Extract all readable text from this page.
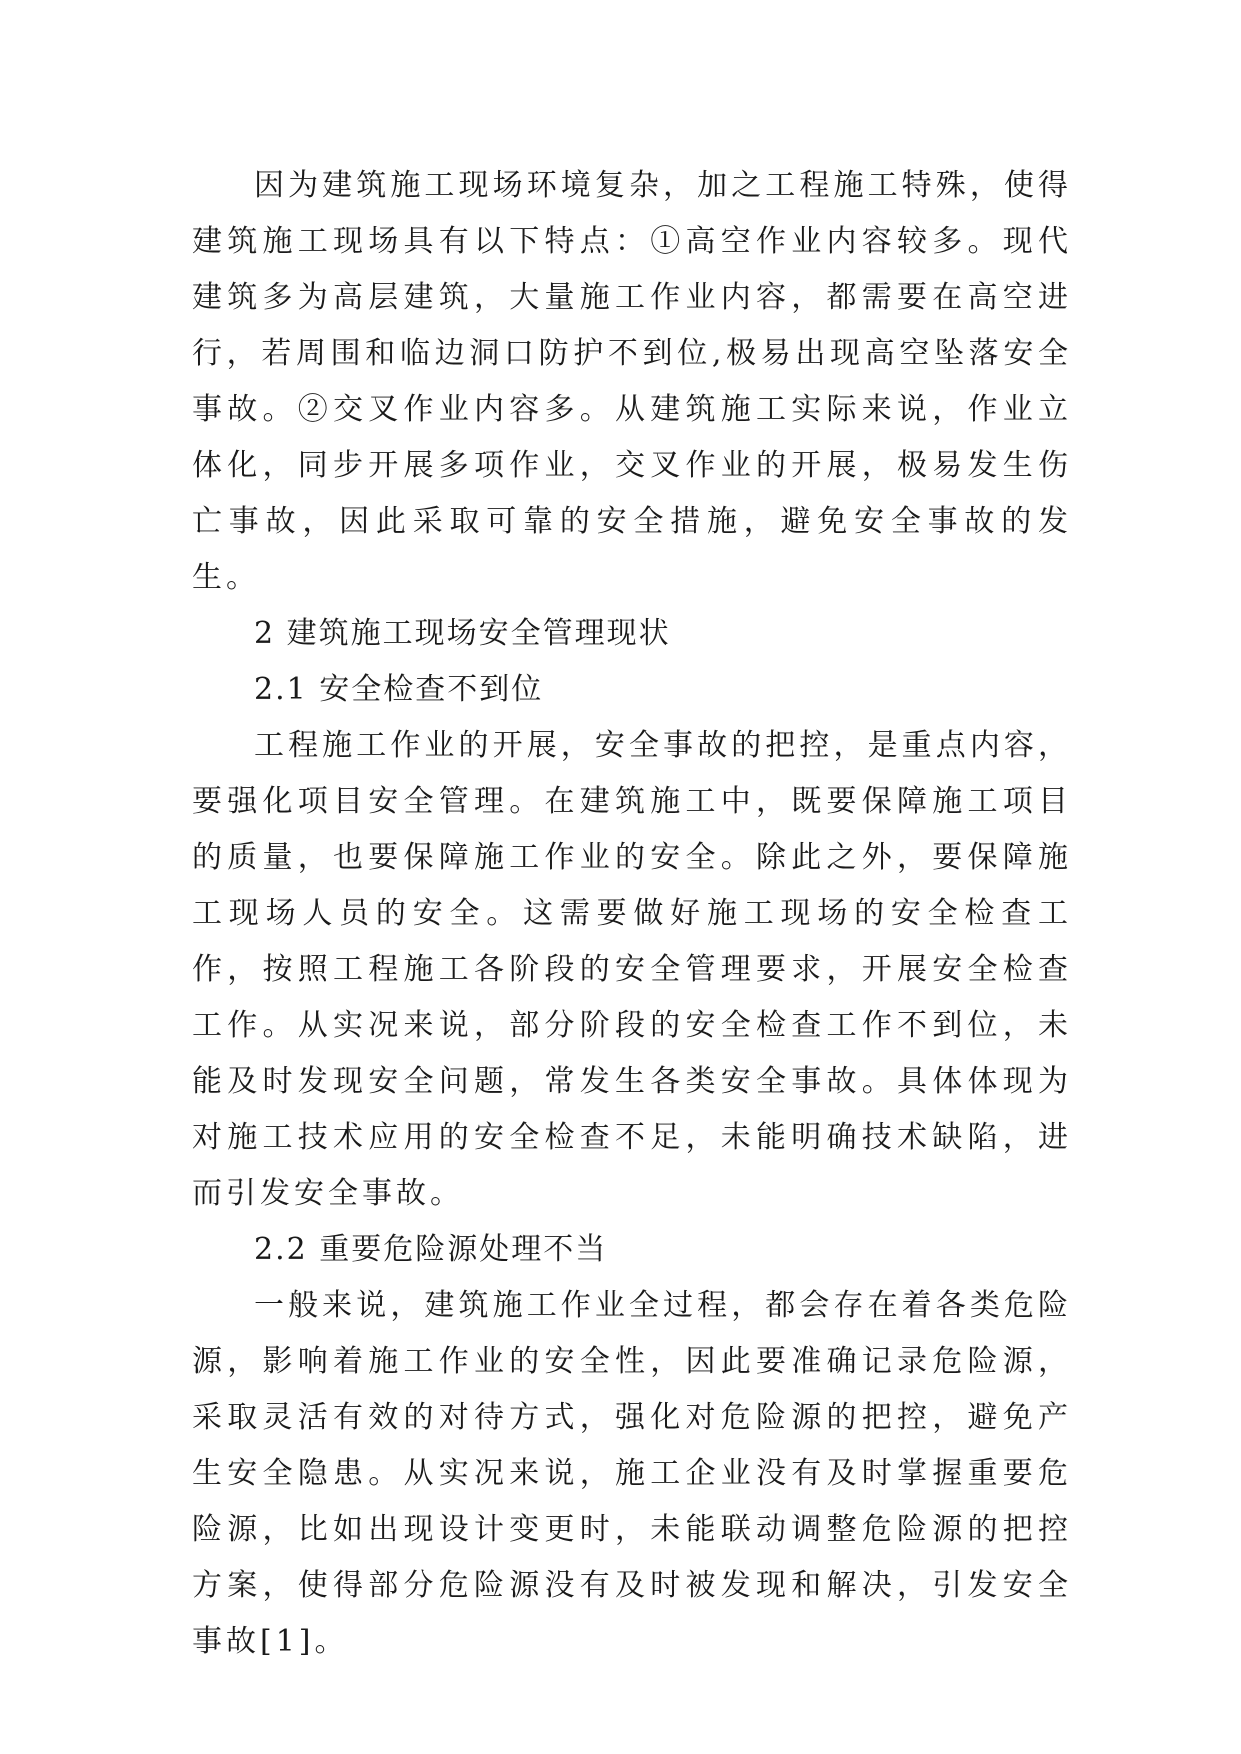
因为建筑施工现场环境复杂，加之工程施工特殊，使得建筑施工现场具有以下特点：①高空作业内容较多。现代建筑多为高层建筑，大量施工作业内容，都需要在高空进行，若周围和临边洞口防护不到位,极易出现高空坠落安全事故。②交叉作业内容多。从建筑施工实际来说，作业立体化，同步开展多项作业，交叉作业的开展，极易发生伤亡事故，因此采取可靠的安全措施，避免安全事故的发生。

2 建筑施工现场安全管理现状

2.1 安全检查不到位

工程施工作业的开展，安全事故的把控，是重点内容，要强化项目安全管理。在建筑施工中，既要保障施工项目的质量，也要保障施工作业的安全。除此之外，要保障施工现场人员的安全。这需要做好施工现场的安全检查工作，按照工程施工各阶段的安全管理要求，开展安全检查工作。从实况来说，部分阶段的安全检查工作不到位，未能及时发现安全问题，常发生各类安全事故。具体体现为对施工技术应用的安全检查不足，未能明确技术缺陷，进而引发安全事故。

2.2 重要危险源处理不当

一般来说，建筑施工作业全过程，都会存在着各类危险源，影响着施工作业的安全性，因此要准确记录危险源，采取灵活有效的对待方式，强化对危险源的把控，避免产生安全隐患。从实况来说，施工企业没有及时掌握重要危险源，比如出现设计变更时，未能联动调整危险源的把控方案，使得部分危险源没有及时被发现和解决，引发安全事故[1]。
